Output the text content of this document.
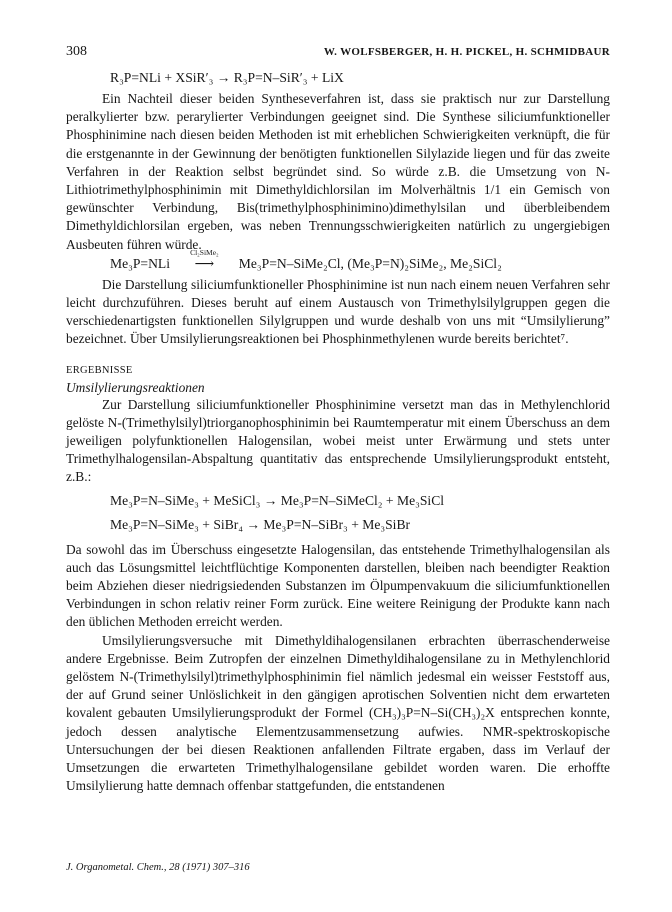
308	W. WOLFSBERGER, H. H. PICKEL, H. SCHMIDBAUR
R₃P=NLi + XSiR′₃ → R₃P=N–SiR′₃ + LiX

Ein Nachteil dieser beiden Syntheseverfahren ist, dass sie praktisch nur zur Darstellung peralkylierter bzw. perarylierter Verbindungen geeignet sind. Die Synthese siliciumfunktioneller Phosphinimine nach diesen beiden Methoden ist mit erheblichen Schwierigkeiten verknüpft, die für die erstgenannte in der Gewinnung der benötigten funktionellen Silylazide liegen und für das zweite Verfahren in der Reaktion selbst begründet sind. So würde z.B. die Umsetzung von N-Lithiotrimethylphosphinimin mit Dimethyldichlorsilan im Molverhältnis 1/1 ein Gemisch von gewünschter Verbindung, Bis(trimethylphosphinimino)dimethylsilan und überbleibendem Dimethyldichlorsilan ergeben, was neben Trennungsschwierigkeiten natürlich zu ungergiebigen Ausbeuten führen würde.

Me₃P=NLi
Cl₂SiMe₂
⟶ Me₃P=N–SiMe₂Cl, (Me₃P=N)₂SiMe₂, Me₂SiCl₂

Die Darstellung siliciumfunktioneller Phosphinimine ist nun nach einem neuen Verfahren sehr leicht durchzuführen. Dieses beruht auf einem Austausch von Trimethylsilylgruppen gegen die verschiedenartigsten funktionellen Silylgruppen und wurde deshalb von uns mit “Umsilylierung” bezeichnet. Über Umsilylierungsreaktionen bei Phosphinmethylenen wurde bereits berichtet⁷.

ERGEBNISSE

Umsilylierungsreaktionen

Zur Darstellung siliciumfunktioneller Phosphinimine versetzt man das in Methylenchlorid gelöste N-(Trimethylsilyl)triorganophosphinimin bei Raumtemperatur mit einem Überschuss an dem jeweiligen polyfunktionellen Halogensilan, wobei meist unter Erwärmung und stets unter Trimethylhalogensilan-Abspaltung quantitativ das entsprechende Umsilylierungsprodukt entsteht, z.B.:

Me₃P=N–SiMe₃ + MeSiCl₃ → Me₃P=N–SiMeCl₂ + Me₃SiCl
Me₃P=N–SiMe₃ + SiBr₄ → Me₃P=N–SiBr₃ + Me₃SiBr

Da sowohl das im Überschuss eingesetzte Halogensilan, das entstehende Trimethylhalogensilan als auch das Lösungsmittel leichtflüchtige Komponenten darstellen, bleiben nach beendigter Reaktion beim Abziehen dieser niedrigsiedenden Substanzen im Ölpumpenvakuum die siliciumfunktionellen Verbindungen in schon relativ reiner Form zurück. Eine weitere Reinigung der Produkte kann nach den üblichen Methoden erreicht werden.

Umsilylierungsversuche mit Dimethyldihalogensilanen erbrachten überraschenderweise andere Ergebnisse. Beim Zutropfen der einzelnen Dimethyldihalogensilane zu in Methylenchlorid gelöstem N-(Trimethylsilyl)trimethylphosphinimin fiel nämlich jedesmal ein weisser Feststoff aus, der auf Grund seiner Unlöslichkeit in den gängigen aprotischen Solventien nicht dem erwarteten kovalent gebauten Umsilylierungsprodukt der Formel (CH₃)₃P=N–Si(CH₃)₂X entsprechen konnte, jedoch dessen analytische Elementzusammensetzung aufwies. NMR-spektroskopische Untersuchungen der bei diesen Reaktionen anfallenden Filtrate ergaben, dass im Verlauf der Umsetzungen die erwarteten Trimethylhalogensilane gebildet worden waren. Die erhoffte Umsilylierung hatte demnach offenbar stattgefunden, die entstandenen

J. Organometal. Chem., 28 (1971) 307–316
